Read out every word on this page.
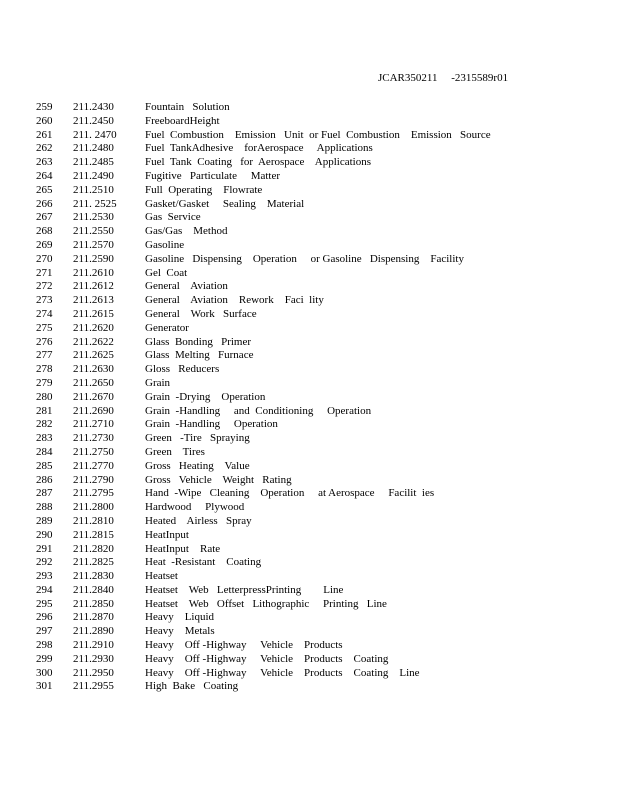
JCAR350211 -2315589r01
259 211.2430	Fountain   Solution
260 211.2450	FreeboardHeight
261 211. 2470	Fuel  Combustion    Emission   Unit  or Fuel  Combustion    Emission   Source
262 211.2480	Fuel  TankAdhesive    forAerospace     Applications
263 211.2485	Fuel  Tank  Coating   for  Aerospace    Applications
264 211.2490	Fugitive   Particulate     Matter
265 211.2510	Full  Operating    Flowrate
266 211. 2525	Gasket/Gasket     Sealing    Material
267 211.2530	Gas  Service
268 211.2550	Gas/Gas    Method
269 211.2570	Gasoline
270 211.2590	Gasoline   Dispensing    Operation     or Gasoline   Dispensing    Facility
271 211.2610	Gel  Coat
272 211.2612	General    Aviation
273 211.2613	General    Aviation    Rework    Faci  lity
274 211.2615	General    Work   Surface
275 211.2620	Generator
276 211.2622	Glass  Bonding   Primer
277 211.2625	Glass  Melting   Furnace
278 211.2630	Gloss   Reducers
279 211.2650	Grain
280 211.2670	Grain  -Drying    Operation
281 211.2690	Grain  -Handling     and  Conditioning     Operation
282 211.2710	Grain  -Handling     Operation
283 211.2730	Green   -Tire   Spraying
284 211.2750	Green    Tires
285 211.2770	Gross   Heating    Value
286 211.2790	Gross   Vehicle    Weight   Rating
287 211.2795	Hand  -Wipe   Cleaning    Operation     at Aerospace     Facilit  ies
288 211.2800	Hardwood     Plywood
289 211.2810	Heated    Airless   Spray
290 211.2815	HeatInput
291 211.2820	HeatInput    Rate
292 211.2825	Heat  -Resistant    Coating
293 211.2830	Heatset
294 211.2840	Heatset    Web   LetterpressPrinting        Line
295 211.2850	Heatset    Web   Offset   Lithographic     Printing   Line
296 211.2870	Heavy    Liquid
297 211.2890	Heavy    Metals
298 211.2910	Heavy    Off -Highway     Vehicle    Products
299 211.2930	Heavy    Off -Highway     Vehicle    Products    Coating
300 211.2950	Heavy    Off -Highway     Vehicle    Products    Coating    Line
301 211.2955	High  Bake   Coating
